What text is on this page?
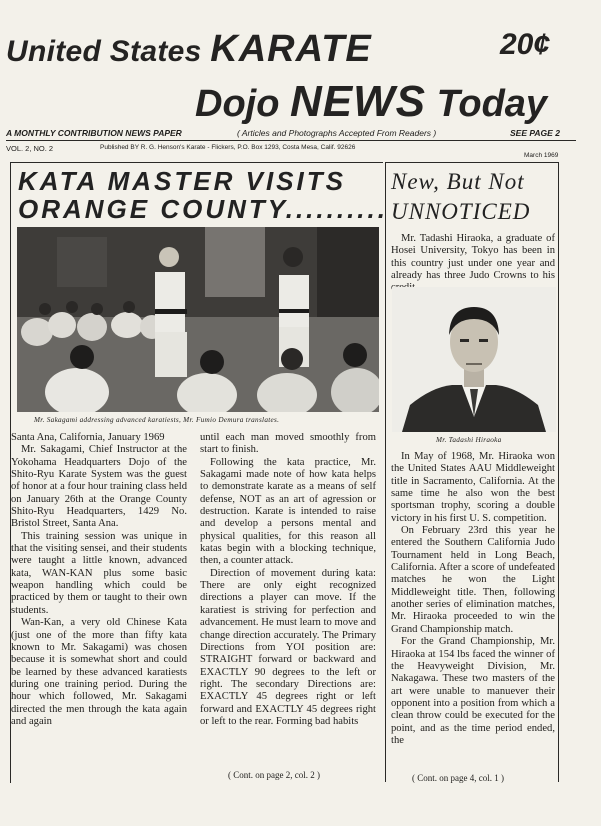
United States KARATE	20¢
Dojo NEWS Today
A MONTHLY CONTRIBUTION NEWS PAPER	( Articles and Photographs Accepted From Readers )	SEE PAGE 2
VOL. 2, NO. 2	Published BY R. G. Henson's Karate - Flickers, P.O. Box 1293, Costa Mesa, Calif. 92626
March 1969
KATA MASTER VISITS
ORANGE COUNTY..........
Mr. Sakagami addressing advanced karatiests, Mr. Fumio Demura translates.

Santa Ana, California, January 1969

Mr. Sakagami, Chief Instructor at the Yokohama Headquarters Dojo of the Shito-Ryu Karate System was the guest of honor at a four hour training class held on January 26th at the Orange County Shito-Ryu Headquarters, 1429 No. Bristol Street, Santa Ana.

This training session was unique in that the visiting sensei, and their students were taught a little known, advanced kata, WAN-KAN plus some basic weapon handling which could be practiced by them or taught to their own students.

Wan-Kan, a very old Chinese Kata (just one of the more than fifty kata known to Mr. Sakagami) was chosen because it is somewhat short and could be learned by these advanced karatiests during one training period. During the hour which followed, Mr. Sakagami directed the men through the kata again and again

until each man moved smoothly from start to finish.

Following the kata practice, Mr. Sakagami made note of how kata helps to demonstrate karate as a means of self defense, NOT as an art of agression or destruction. Karate is intended to raise and develop a persons mental and physical qualities, for this reason all katas begin with a blocking technique, then, a counter attack.

Direction of movement during kata: There are only eight recognized directions a player can move. If the karatiest is striving for perfection and advancement. He must learn to move and change direction accurately. The Primary Directions from YOI position are: STRAIGHT forward or backward and EXACTLY 90 degrees to the left or right. The secondary Directions are: EXACTLY 45 degrees right or left forward and EXACTLY 45 degrees right or left to the rear. Forming bad habits

( Cont. on page 2, col. 2 )
New, But Not
UNNOTICED

Mr. Tadashi Hiraoka, a graduate of Hosei University, Tokyo has been in this country just under one year and already has three Judo Crowns to his

Mr. Tadashi Hiraoka

In May of 1968, Mr. Hiraoka won the United States AAU Middleweight title in Sacramento, California. At the same time he also won the best sportsman trophy, scoring a double victory in his first U. S. competition.

On February 23rd this year he entered the Southern California Judo Tournament held in Long Beach, California. After a score of undefeated matches he won the Light Middleweight title. Then, following another series of elimination matches, Mr. Hiraoka proceeded to win the Grand Championship match.

For the Grand Championship, Mr. Hiraoka at 154 lbs faced the winner of the Heavyweight Division, Mr. Nakagawa. These two masters of the art were unable to manuever their opponent into a position from which a clean throw could be executed for the point, and as the time period ended, the

( Cont. on page 4, col. 1 )
